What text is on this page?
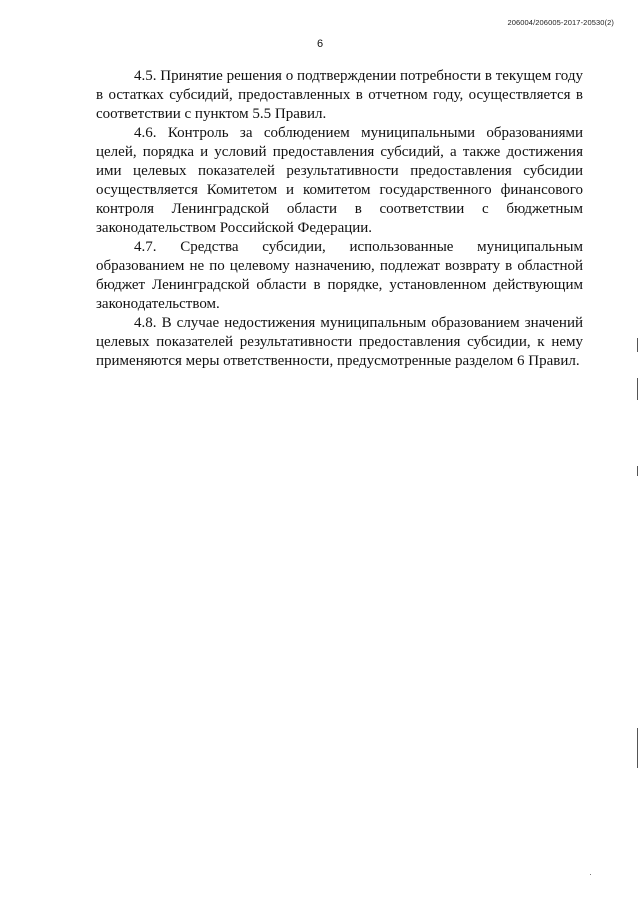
206004/206005-2017-20530(2)
6

4.5. Принятие решения о подтверждении потребности в текущем году в остатках субсидий, предоставленных в отчетном году, осуществляется в соответствии с пунктом 5.5 Правил.

4.6. Контроль за соблюдением муниципальными образованиями целей, порядка и условий предоставления субсидий, а также достижения ими целевых показателей результативности предоставления субсидии осуществляется Комитетом и комитетом государственного финансового контроля Ленинградской области в соответствии с бюджетным законодательством Российской Федерации.

4.7. Средства субсидии, использованные муниципальным образованием не по целевому назначению, подлежат возврату в областной бюджет Ленинградской области в порядке, установленном действующим законодательством.

4.8. В случае недостижения муниципальным образованием значений целевых показателей результативности предоставления субсидии, к нему применяются меры ответственности, предусмотренные разделом 6 Правил.
